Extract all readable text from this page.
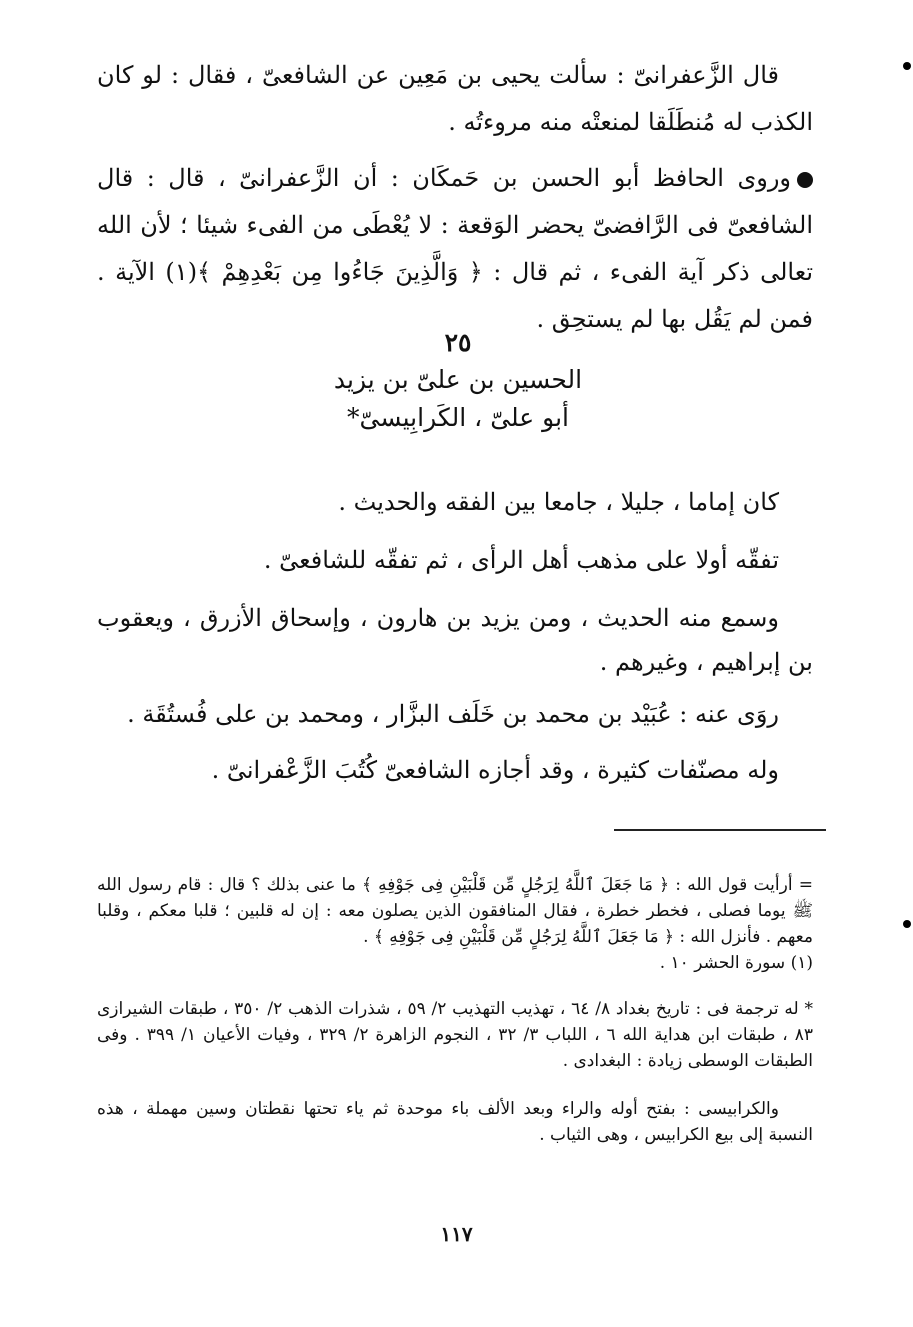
قال الزَّعفرانىّ : سألت يحيى بن مَعِين عن الشافعىّ ، فقال : لو كان الكذب له مُنطَلَقا لمنعتْه منه مروءتُه .
وروى الحافظ أبو الحسن بن حَمكَان : أن الزَّعفرانىّ ، قال : قال الشافعىّ فى الرَّافضىّ يحضر الوَقعة : لا يُعْطَى من الفىء شيئا ؛ لأن الله تعالى ذكر آية الفىء ، ثم قال : ﴿ وَالَّذِينَ جَاءُوا مِن بَعْدِهِمْ ﴾(١) الآية . فمن لم يَقُل بها لم يستحِق .
٢٥
الحسين بن علىّ بن يزيد
أبو علىّ ، الكَرابِيسىّ*
كان إماما ، جليلا ، جامعا بين الفقه والحديث .
تفقّه أولا على مذهب أهل الرأى ، ثم تفقّه للشافعىّ .
وسمع منه الحديث ، ومن يزيد بن هارون ، وإسحاق الأزرق ، ويعقوب بن إبراهيم ، وغيرهم .
روَى عنه : عُبَيْد بن محمد بن خَلَف البزَّار ، ومحمد بن على فُستُقَة .
وله مصنّفات كثيرة ، وقد أجازه الشافعىّ كُتُبَ الزَّعْفرانىّ .
= أرأيت قول الله : ﴿ مَا جَعَلَ ٱللَّهُ لِرَجُلٍ مِّن قَلْبَيْنِ فِى جَوْفِهِ ﴾ ما عنى بذلك ؟ قال : قام رسول الله ﷺ يوما فصلى ، فخطر خطرة ، فقال المنافقون الذين يصلون معه : إن له قلبين ؛ قلبا معكم ، وقلبا معهم . فأنزل الله : ﴿ مَا جَعَلَ ٱللَّهُ لِرَجُلٍ مِّن قَلْبَيْنِ فِى جَوْفِهِ ﴾ .
(١) سورة الحشر ١٠ .
* له ترجمة فى : تاريخ بغداد ٨/ ٦٤ ، تهذيب التهذيب ٢/ ٥٩ ، شذرات الذهب ٢/ ٣٥٠ ، طبقات الشيرازى ٨٣ ، طبقات ابن هداية الله ٦ ، اللباب ٣/ ٣٢ ، النجوم الزاهرة ٢/ ٣٢٩ ، وفيات الأعيان ١/ ٣٩٩ . وفى الطبقات الوسطى زيادة : البغدادى .
والكرابيسى : بفتح أوله والراء وبعد الألف باء موحدة ثم ياء تحتها نقطتان وسين مهملة ، هذه النسبة إلى بيع الكرابيس ، وهى الثياب .
١١٧
